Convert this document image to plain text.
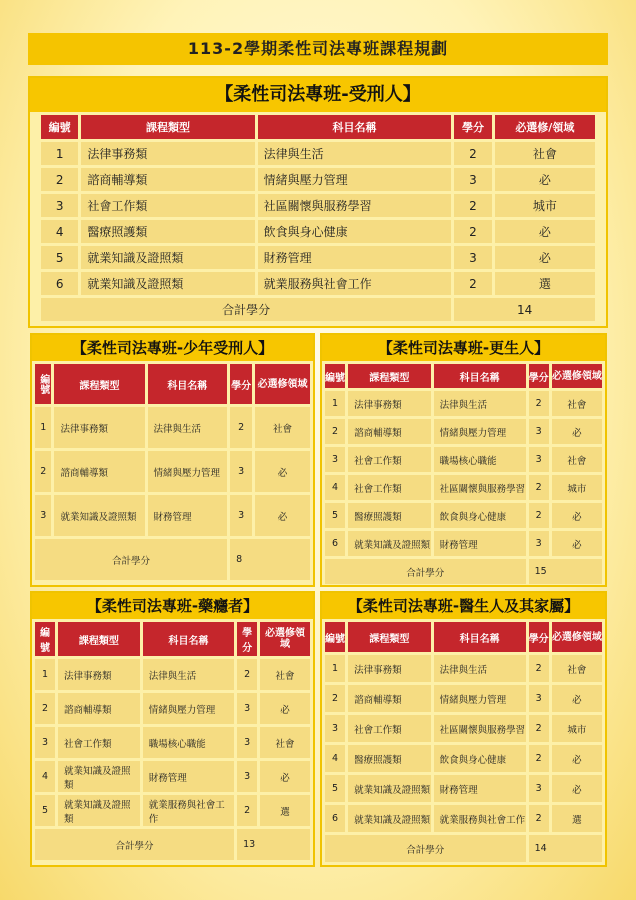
113-2學期柔性司法專班課程規劃
【柔性司法專班-受刑人】
編號	課程類型	科目名稱	學分	必選修/領域
1	法律事務類	法律與生活	2	社會
2	諮商輔導類	情緒與壓力管理	3	必
3	社會工作類	社區關懷與服務學習	2	城市
4	醫療照護類	飲食與身心健康	2	必
5	就業知識及證照類	財務管理	3	必
6	就業知識及證照類	就業服務與社會工作	2	選
合計學分			14	
【柔性司法專班-少年受刑人】
編號	課程類型	科目名稱	學分	必選修領域
1	法律事務類	法律與生活	2	社會
2	諮商輔導類	情緒與壓力管理	3	必
3	就業知識及證照類	財務管理	3	必
合計學分			8	
【柔性司法專班-更生人】
編號	課程類型	科目名稱	學分	必選修領域
1	法律事務類	法律與生活	2	社會
2	諮商輔導類	情緒與壓力管理	3	必
3	社會工作類	職場核心職能	3	社會
4	社會工作類	社區關懷與服務學習	2	城市
5	醫療照護類	飲食與身心健康	2	必
6	就業知識及證照類	財務管理	3	必
合計學分			15	
【柔性司法專班-藥癮者】
編號	課程類型	科目名稱	學分	必選修領域
1	法律事務類	法律與生活	2	社會
2	諮商輔導類	情緒與壓力管理	3	必
3	社會工作類	職場核心職能	3	社會
4	就業知識及證照類	財務管理	3	必
5	就業知識及證照類	就業服務與社會工作	2	選
合計學分			13	
【柔性司法專班-醫生人及其家屬】
編號	課程類型	科目名稱	學分	必選修領域
1	法律事務類	法律與生活	2	社會
2	諮商輔導類	情緒與壓力管理	3	必
3	社會工作類	社區關懷與服務學習	2	城市
4	醫療照護類	飲食與身心健康	2	必
5	就業知識及證照類	財務管理	3	必
6	就業知識及證照類	就業服務與社會工作	2	選
合計學分			14	
